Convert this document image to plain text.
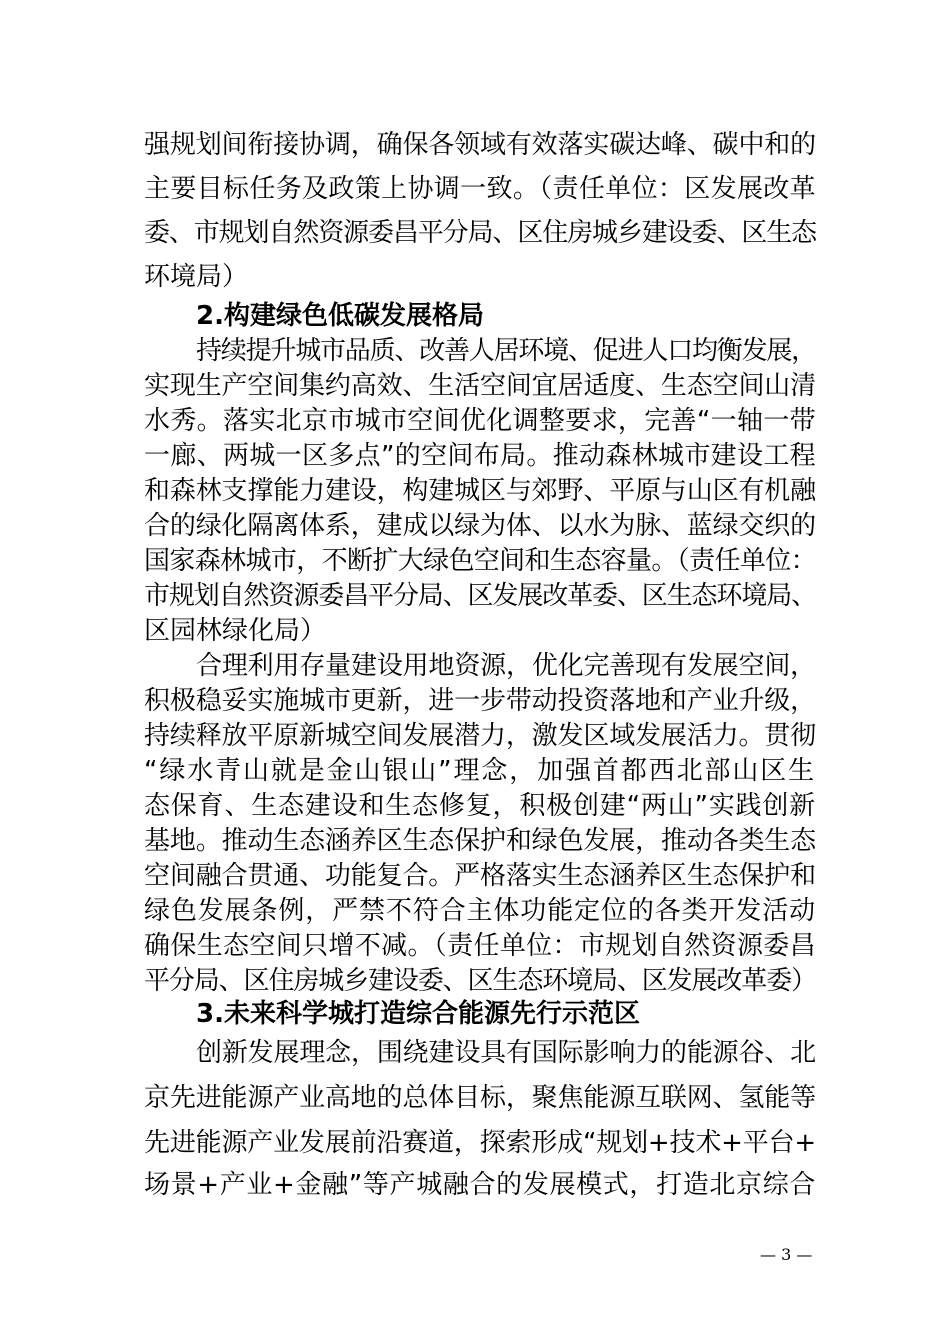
强规划间衔接协调，确保各领域有效落实碳达峰、碳中和的
主要目标任务及政策上协调一致。（责任单位：区发展改革
委、市规划自然资源委昌平分局、区住房城乡建设委、区生态
环境局）
2.构建绿色低碳发展格局
持续提升城市品质、改善人居环境、促进人口均衡发展，
实现生产空间集约高效、生活空间宜居适度、生态空间山清
水秀。落实北京市城市空间优化调整要求，完善“一轴一带
一廊、两城一区多点”的空间布局。推动森林城市建设工程
和森林支撑能力建设，构建城区与郊野、平原与山区有机融
合的绿化隔离体系，建成以绿为体、以水为脉、蓝绿交织的
国家森林城市，不断扩大绿色空间和生态容量。（责任单位：
市规划自然资源委昌平分局、区发展改革委、区生态环境局、
区园林绿化局）
合理利用存量建设用地资源，优化完善现有发展空间，
积极稳妥实施城市更新，进一步带动投资落地和产业升级，
持续释放平原新城空间发展潜力，激发区域发展活力。贯彻
“绿水青山就是金山银山”理念，加强首都西北部山区生
态保育、生态建设和生态修复，积极创建“两山”实践创新
基地。推动生态涵养区生态保护和绿色发展，推动各类生态
空间融合贯通、功能复合。严格落实生态涵养区生态保护和
绿色发展条例，严禁不符合主体功能定位的各类开发活动
确保生态空间只增不减。（责任单位：市规划自然资源委昌
平分局、区住房城乡建设委、区生态环境局、区发展改革委）
3.未来科学城打造综合能源先行示范区
创新发展理念，围绕建设具有国际影响力的能源谷、北
京先进能源产业高地的总体目标，聚焦能源互联网、氢能等
先进能源产业发展前沿赛道，探索形成“规划+技术+平台+
场景+产业+金融”等产城融合的发展模式，打造北京综合
— 3 —
